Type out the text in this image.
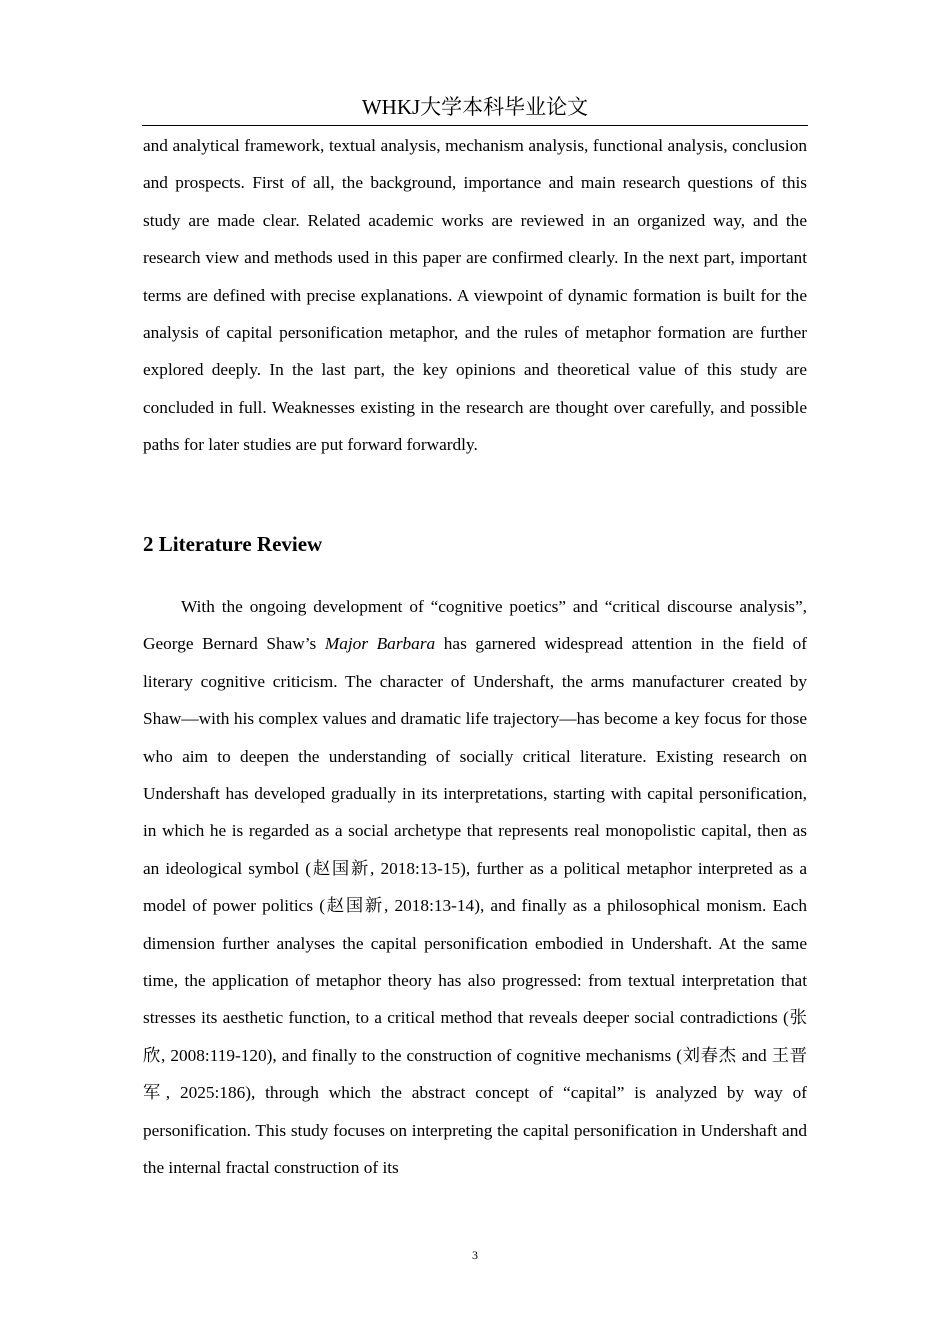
WHKJ大学本科毕业论文

and analytical framework, textual analysis, mechanism analysis, functional analysis, conclusion and prospects. First of all, the background, importance and main research questions of this study are made clear. Related academic works are reviewed in an organized way, and the research view and methods used in this paper are confirmed clearly. In the next part, important terms are defined with precise explanations. A viewpoint of dynamic formation is built for the analysis of capital personification metaphor, and the rules of metaphor formation are further explored deeply. In the last part, the key opinions and theoretical value of this study are concluded in full. Weaknesses existing in the research are thought over carefully, and possible paths for later studies are put forward forwardly.

2 Literature Review

With the ongoing development of “cognitive poetics” and “critical discourse analysis”, George Bernard Shaw’s Major Barbara has garnered widespread attention in the field of literary cognitive criticism. The character of Undershaft, the arms manufacturer created by Shaw—with his complex values and dramatic life trajectory—has become a key focus for those who aim to deepen the understanding of socially critical literature. Existing research on Undershaft has developed gradually in its interpretations, starting with capital personification, in which he is regarded as a social archetype that represents real monopolistic capital, then as an ideological symbol (赵国新, 2018:13-15), further as a political metaphor interpreted as a model of power politics (赵国新, 2018:13-14), and finally as a philosophical monism. Each dimension further analyses the capital personification embodied in Undershaft. At the same time, the application of metaphor theory has also progressed: from textual interpretation that stresses its aesthetic function, to a critical method that reveals deeper social contradictions (张欣, 2008:119-120), and finally to the construction of cognitive mechanisms (刘春杰 and 王晋军, 2025:186), through which the abstract concept of “capital” is analyzed by way of personification. This study focuses on interpreting the capital personification in Undershaft and the internal fractal construction of its

3
